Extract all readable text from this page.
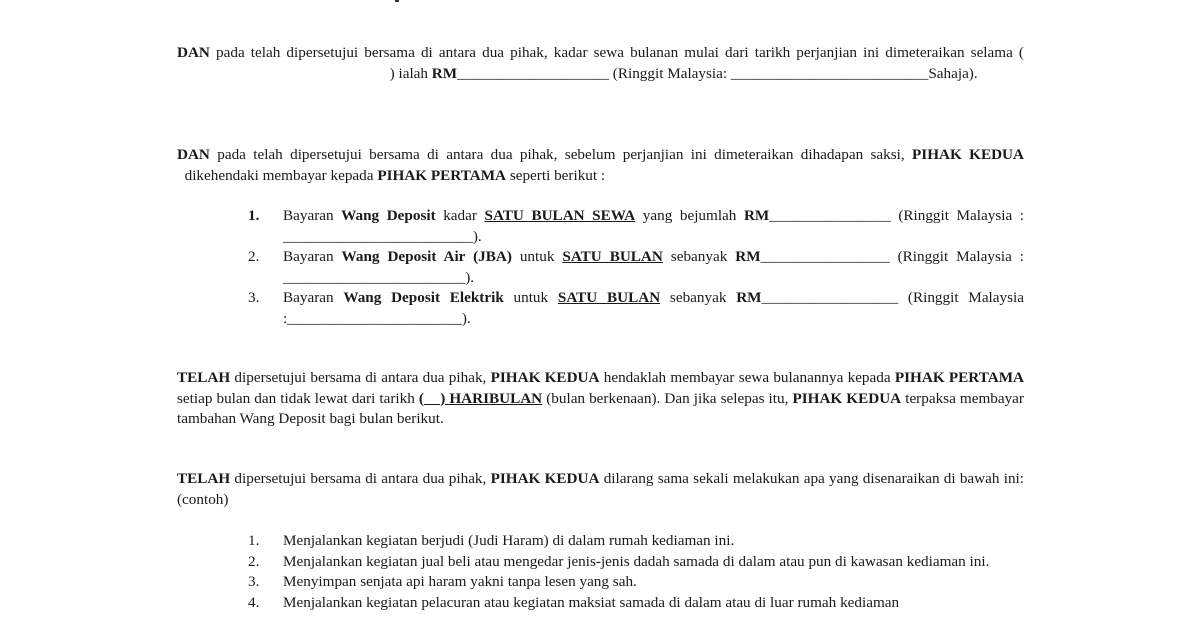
DAN pada telah dipersetujui bersama di antara dua pihak, kadar sewa bulanan mulai dari tarikh perjanjian ini dimeteraikan selama (                                                        ) ialah RM____________________ (Ringgit Malaysia: __________________________Sahaja).

DAN pada telah dipersetujui bersama di antara dua pihak, sebelum perjanjian ini dimeteraikan dihadapan saksi, PIHAK KEDUA  dikehendaki membayar kepada PIHAK PERTAMA seperti berikut :

1. Bayaran Wang Deposit kadar SATU BULAN SEWA yang bejumlah RM________________ (Ringgit Malaysia : _________________________).
2. Bayaran Wang Deposit Air (JBA) untuk SATU BULAN sebanyak RM_________________ (Ringgit Malaysia : ________________________).
3. Bayaran Wang Deposit Elektrik untuk SATU BULAN sebanyak RM__________________ (Ringgit Malaysia :_______________________).

TELAH dipersetujui bersama di antara dua pihak, PIHAK KEDUA hendaklah membayar sewa bulanannya kepada PIHAK PERTAMA setiap bulan dan tidak lewat dari tarikh (    ) HARIBULAN (bulan berkenaan). Dan jika selepas itu, PIHAK KEDUA terpaksa membayar tambahan Wang Deposit bagi bulan berikut.

TELAH dipersetujui bersama di antara dua pihak, PIHAK KEDUA dilarang sama sekali melakukan apa yang disenaraikan di bawah ini: (contoh)

1. Menjalankan kegiatan berjudi (Judi Haram) di dalam rumah kediaman ini.
2. Menjalankan kegiatan jual beli atau mengedar jenis-jenis dadah samada di dalam atau pun di kawasan kediaman ini.
3. Menyimpan senjata api haram yakni tanpa lesen yang sah.
4. Menjalankan kegiatan pelacuran atau kegiatan maksiat samada di dalam atau di luar rumah kediaman
